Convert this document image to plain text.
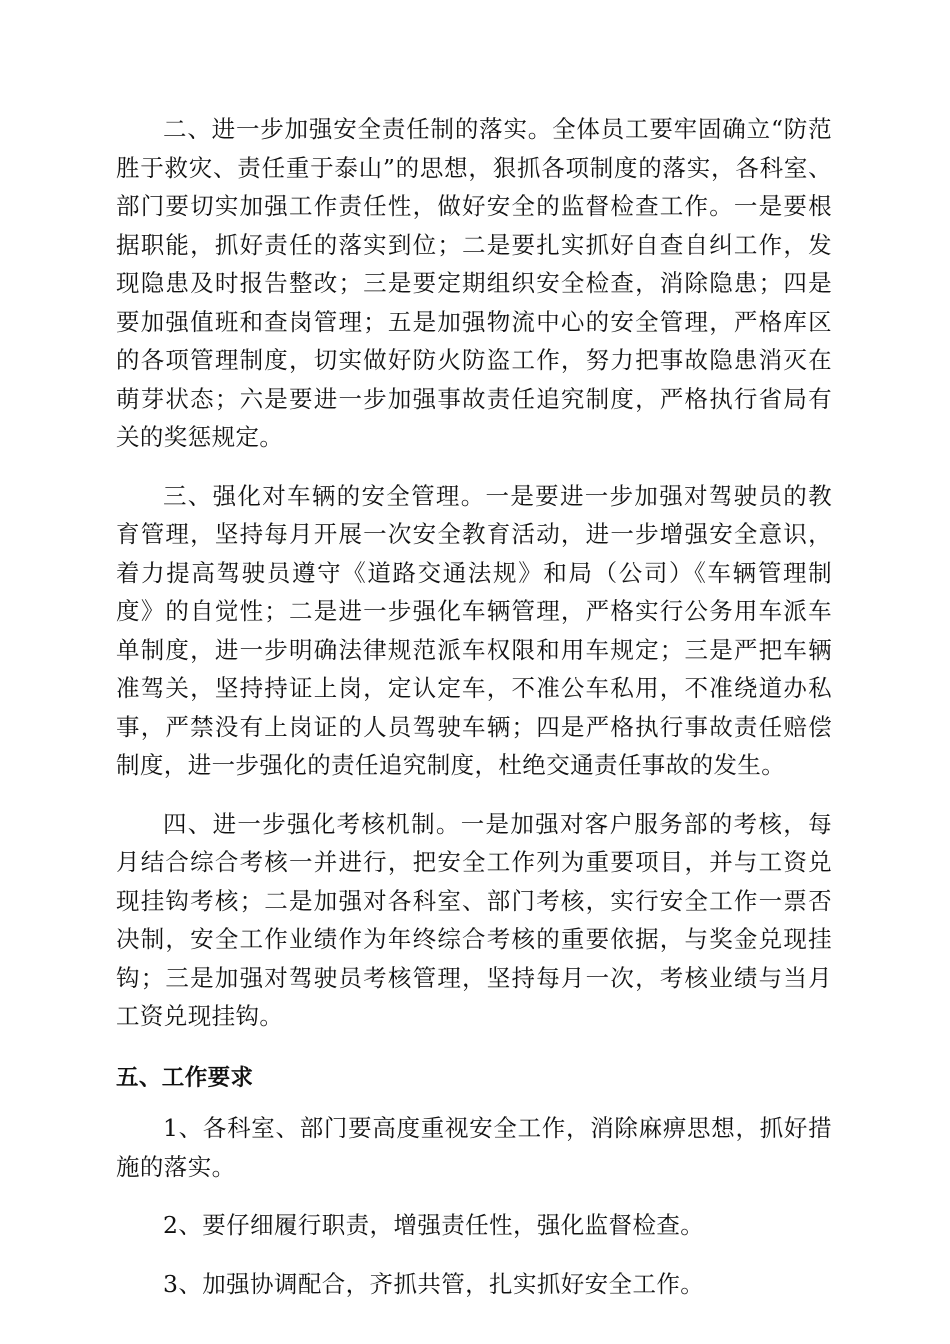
二、进一步加强安全责任制的落实。全体员工要牢固确立“防范胜于救灾、责任重于泰山”的思想，狠抓各项制度的落实，各科室、部门要切实加强工作责任性，做好安全的监督检查工作。一是要根据职能，抓好责任的落实到位；二是要扎实抓好自查自纠工作，发现隐患及时报告整改；三是要定期组织安全检查，消除隐患；四是要加强值班和查岗管理；五是加强物流中心的安全管理，严格库区的各项管理制度，切实做好防火防盗工作，努力把事故隐患消灭在萌芽状态；六是要进一步加强事故责任追究制度，严格执行省局有关的奖惩规定。

三、强化对车辆的安全管理。一是要进一步加强对驾驶员的教育管理，坚持每月开展一次安全教育活动，进一步增强安全意识，着力提高驾驶员遵守《道路交通法规》和局（公司）《车辆管理制度》的自觉性；二是进一步强化车辆管理，严格实行公务用车派车单制度，进一步明确法律规范派车权限和用车规定；三是严把车辆准驾关，坚持持证上岗，定认定车，不准公车私用，不准绕道办私事，严禁没有上岗证的人员驾驶车辆；四是严格执行事故责任赔偿制度，进一步强化的责任追究制度，杜绝交通责任事故的发生。

四、进一步强化考核机制。一是加强对客户服务部的考核，每月结合综合考核一并进行，把安全工作列为重要项目，并与工资兑现挂钩考核；二是加强对各科室、部门考核，实行安全工作一票否决制，安全工作业绩作为年终综合考核的重要依据，与奖金兑现挂钩；三是加强对驾驶员考核管理，坚持每月一次，考核业绩与当月工资兑现挂钩。

五、工作要求

1、各科室、部门要高度重视安全工作，消除麻痹思想，抓好措施的落实。

2、要仔细履行职责，增强责任性，强化监督检查。

3、加强协调配合，齐抓共管，扎实抓好安全工作。
